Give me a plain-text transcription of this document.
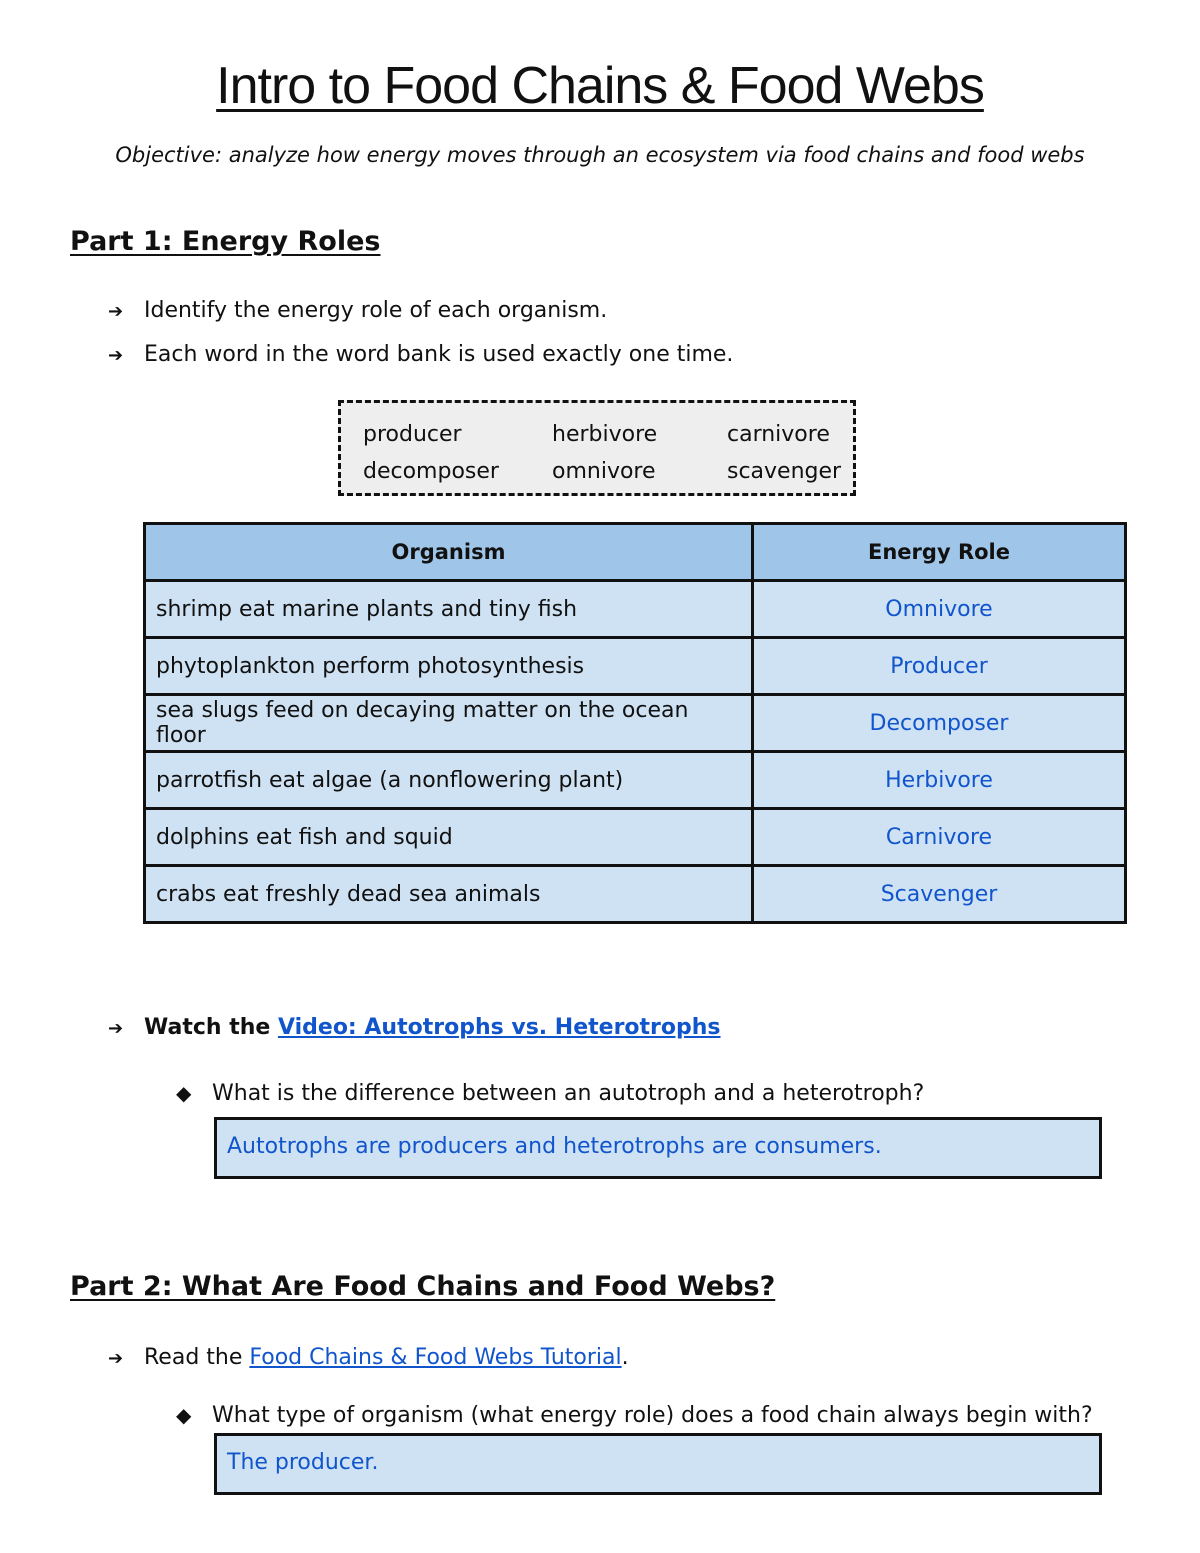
Intro to Food Chains & Food Webs
Objective: analyze how energy moves through an ecosystem via food chains and food webs
Part 1: Energy Roles
➔ Identify the energy role of each organism.
➔ Each word in the word bank is used exactly one time.
producer	herbivore	carnivore
decomposer omnivore	scavenger
Organism	Energy Role
shrimp eat marine plants and tiny fish	Omnivore
phytoplankton perform photosynthesis	Producer
sea slugs feed on decaying matter on the ocean floor	Decomposer
parrotfish eat algae (a nonflowering plant)	Herbivore
dolphins eat fish and squid	Carnivore
crabs eat freshly dead sea animals	Scavenger
➔ Watch the Video: Autotrophs vs. Heterotrophs
◆ What is the difference between an autotroph and a heterotroph?
Autotrophs are producers and heterotrophs are consumers.
Part 2: What Are Food Chains and Food Webs?
➔ Read the Food Chains & Food Webs Tutorial.
◆ What type of organism (what energy role) does a food chain always begin with?
The producer.
